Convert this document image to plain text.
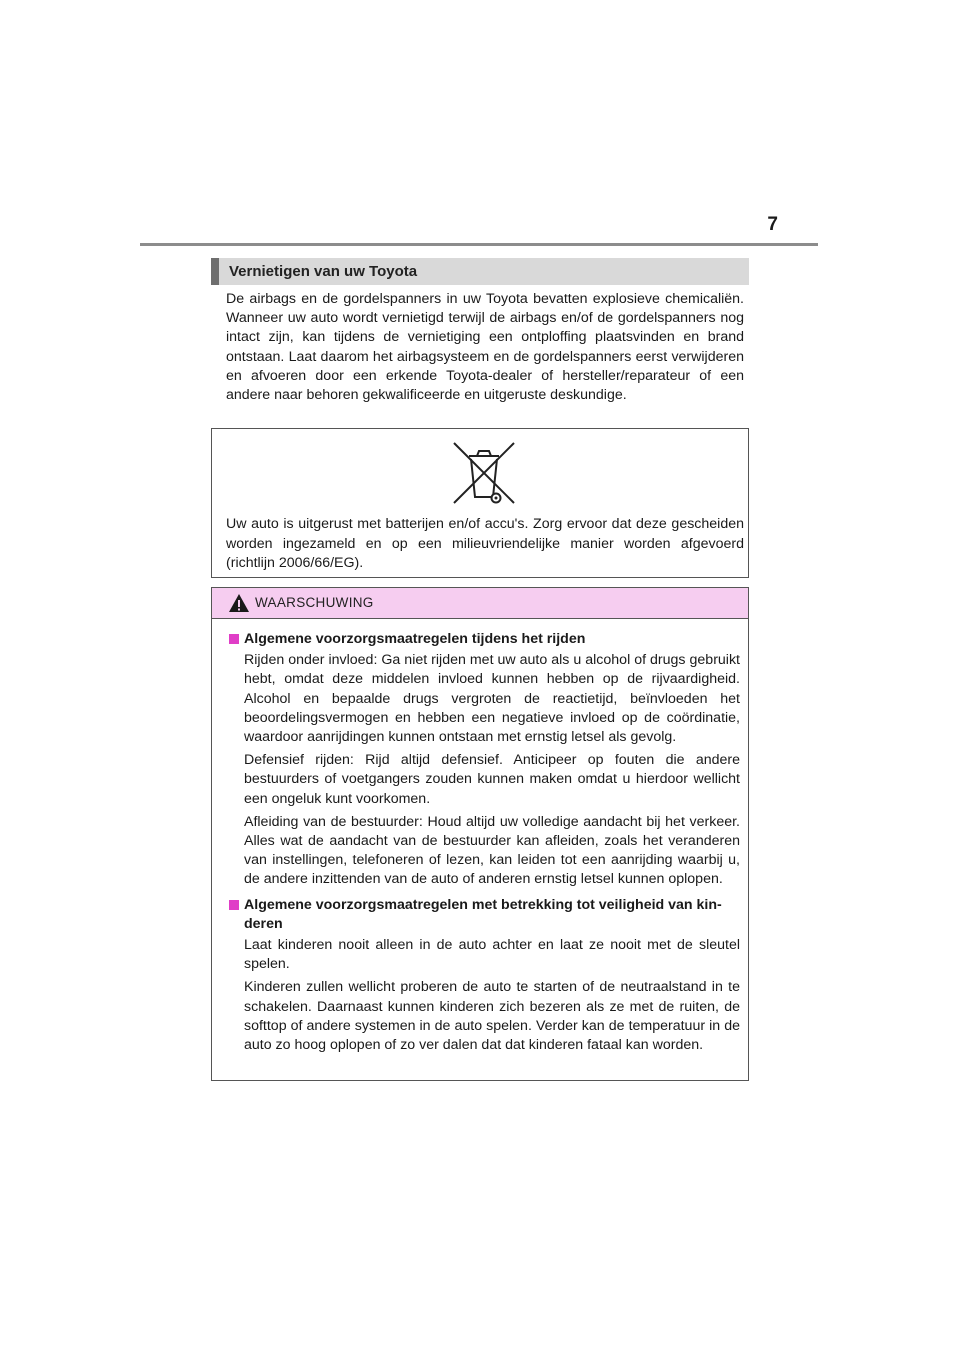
7
Vernietigen van uw Toyota

De airbags en de gordelspanners in uw Toyota bevatten explosieve chemicaliën. Wanneer uw auto wordt vernietigd terwijl de airbags en/of de gordelspanners nog intact zijn, kan tijdens de vernietiging een ontploffing plaatsvinden en brand ontstaan. Laat daarom het airbagsysteem en de gordelspanners eerst verwijderen en afvoeren door een erkende Toyota-dealer of hersteller/reparateur of een andere naar behoren gekwalificeerde en uitgeruste deskundige.

Uw auto is uitgerust met batterijen en/of accu's. Zorg ervoor dat deze gescheiden worden ingezameld en op een milieuvriendelijke manier worden afgevoerd (richtlijn 2006/66/EG).

WAARSCHUWING
Algemene voorzorgsmaatregelen tijdens het rijden

Rijden onder invloed: Ga niet rijden met uw auto als u alcohol of drugs gebruikt hebt, omdat deze middelen invloed kunnen hebben op de rijvaardigheid. Alcohol en bepaalde drugs vergroten de reactietijd, beïnvloeden het beoordelingsvermogen en hebben een negatieve invloed op de coördinatie, waardoor aanrijdingen kunnen ontstaan met ernstig letsel als gevolg.

Defensief rijden: Rijd altijd defensief. Anticipeer op fouten die andere bestuurders of voetgangers zouden kunnen maken omdat u hierdoor wellicht een ongeluk kunt voorkomen.

Afleiding van de bestuurder: Houd altijd uw volledige aandacht bij het verkeer. Alles wat de aandacht van de bestuurder kan afleiden, zoals het veranderen van instellingen, telefoneren of lezen, kan leiden tot een aanrijding waarbij u, de andere inzittenden van de auto of anderen ernstig letsel kunnen oplopen.

Algemene voorzorgsmaatregelen met betrekking tot veiligheid van kinderen

Laat kinderen nooit alleen in de auto achter en laat ze nooit met de sleutel spelen.

Kinderen zullen wellicht proberen de auto te starten of de neutraalstand in te schakelen. Daarnaast kunnen kinderen zich bezeren als ze met de ruiten, de softtop of andere systemen in de auto spelen. Verder kan de temperatuur in de auto zo hoog oplopen of zo ver dalen dat dat kinderen fataal kan worden.
